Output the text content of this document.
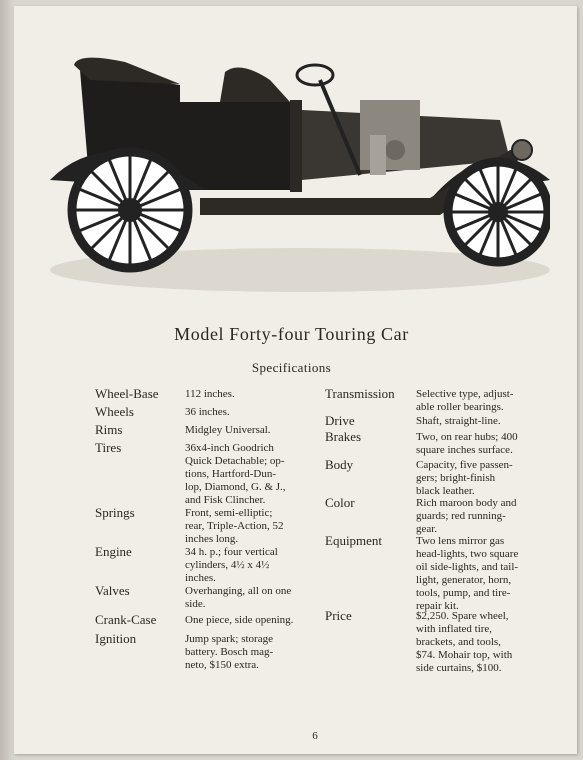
Model Forty-four Touring Car
Specifications
Wheel-Base 112 inches.
Wheels	36 inches.
Rims	Midgley Universal.
Tires	36x4-inch Goodrich
Quick Detachable; op-
tions, Hartford-Dun-
lop, Diamond, G. & J.,
and Fisk Clincher.
Springs	Front, semi-elliptic;
rear, Triple-Action, 52
inches long.
Engine	34 h. p.; four vertical
cylinders, 4½ x 4½
inches.
Valves	Overhanging, all on one
side.
Crank-Case	One piece, side opening.
Ignition	Jump spark; storage
battery. Bosch mag-
neto, $150 extra.
Transmission Selective type, adjust-
able roller bearings.
Drive	Shaft, straight-line.
Brakes	Two, on rear hubs; 400
square inches surface.
Body	Capacity, five passen-
gers; bright-finish
black leather.
Color	Rich maroon body and
guards; red running-
gear.
Equipment	Two lens mirror gas
head-lights, two square
oil side-lights, and tail-
light, generator, horn,
tools, pump, and tire-
repair kit.
Price	$2,250. Spare wheel,
with inflated tire,
brackets, and tools,
$74. Mohair top, with
side curtains, $100.
6
